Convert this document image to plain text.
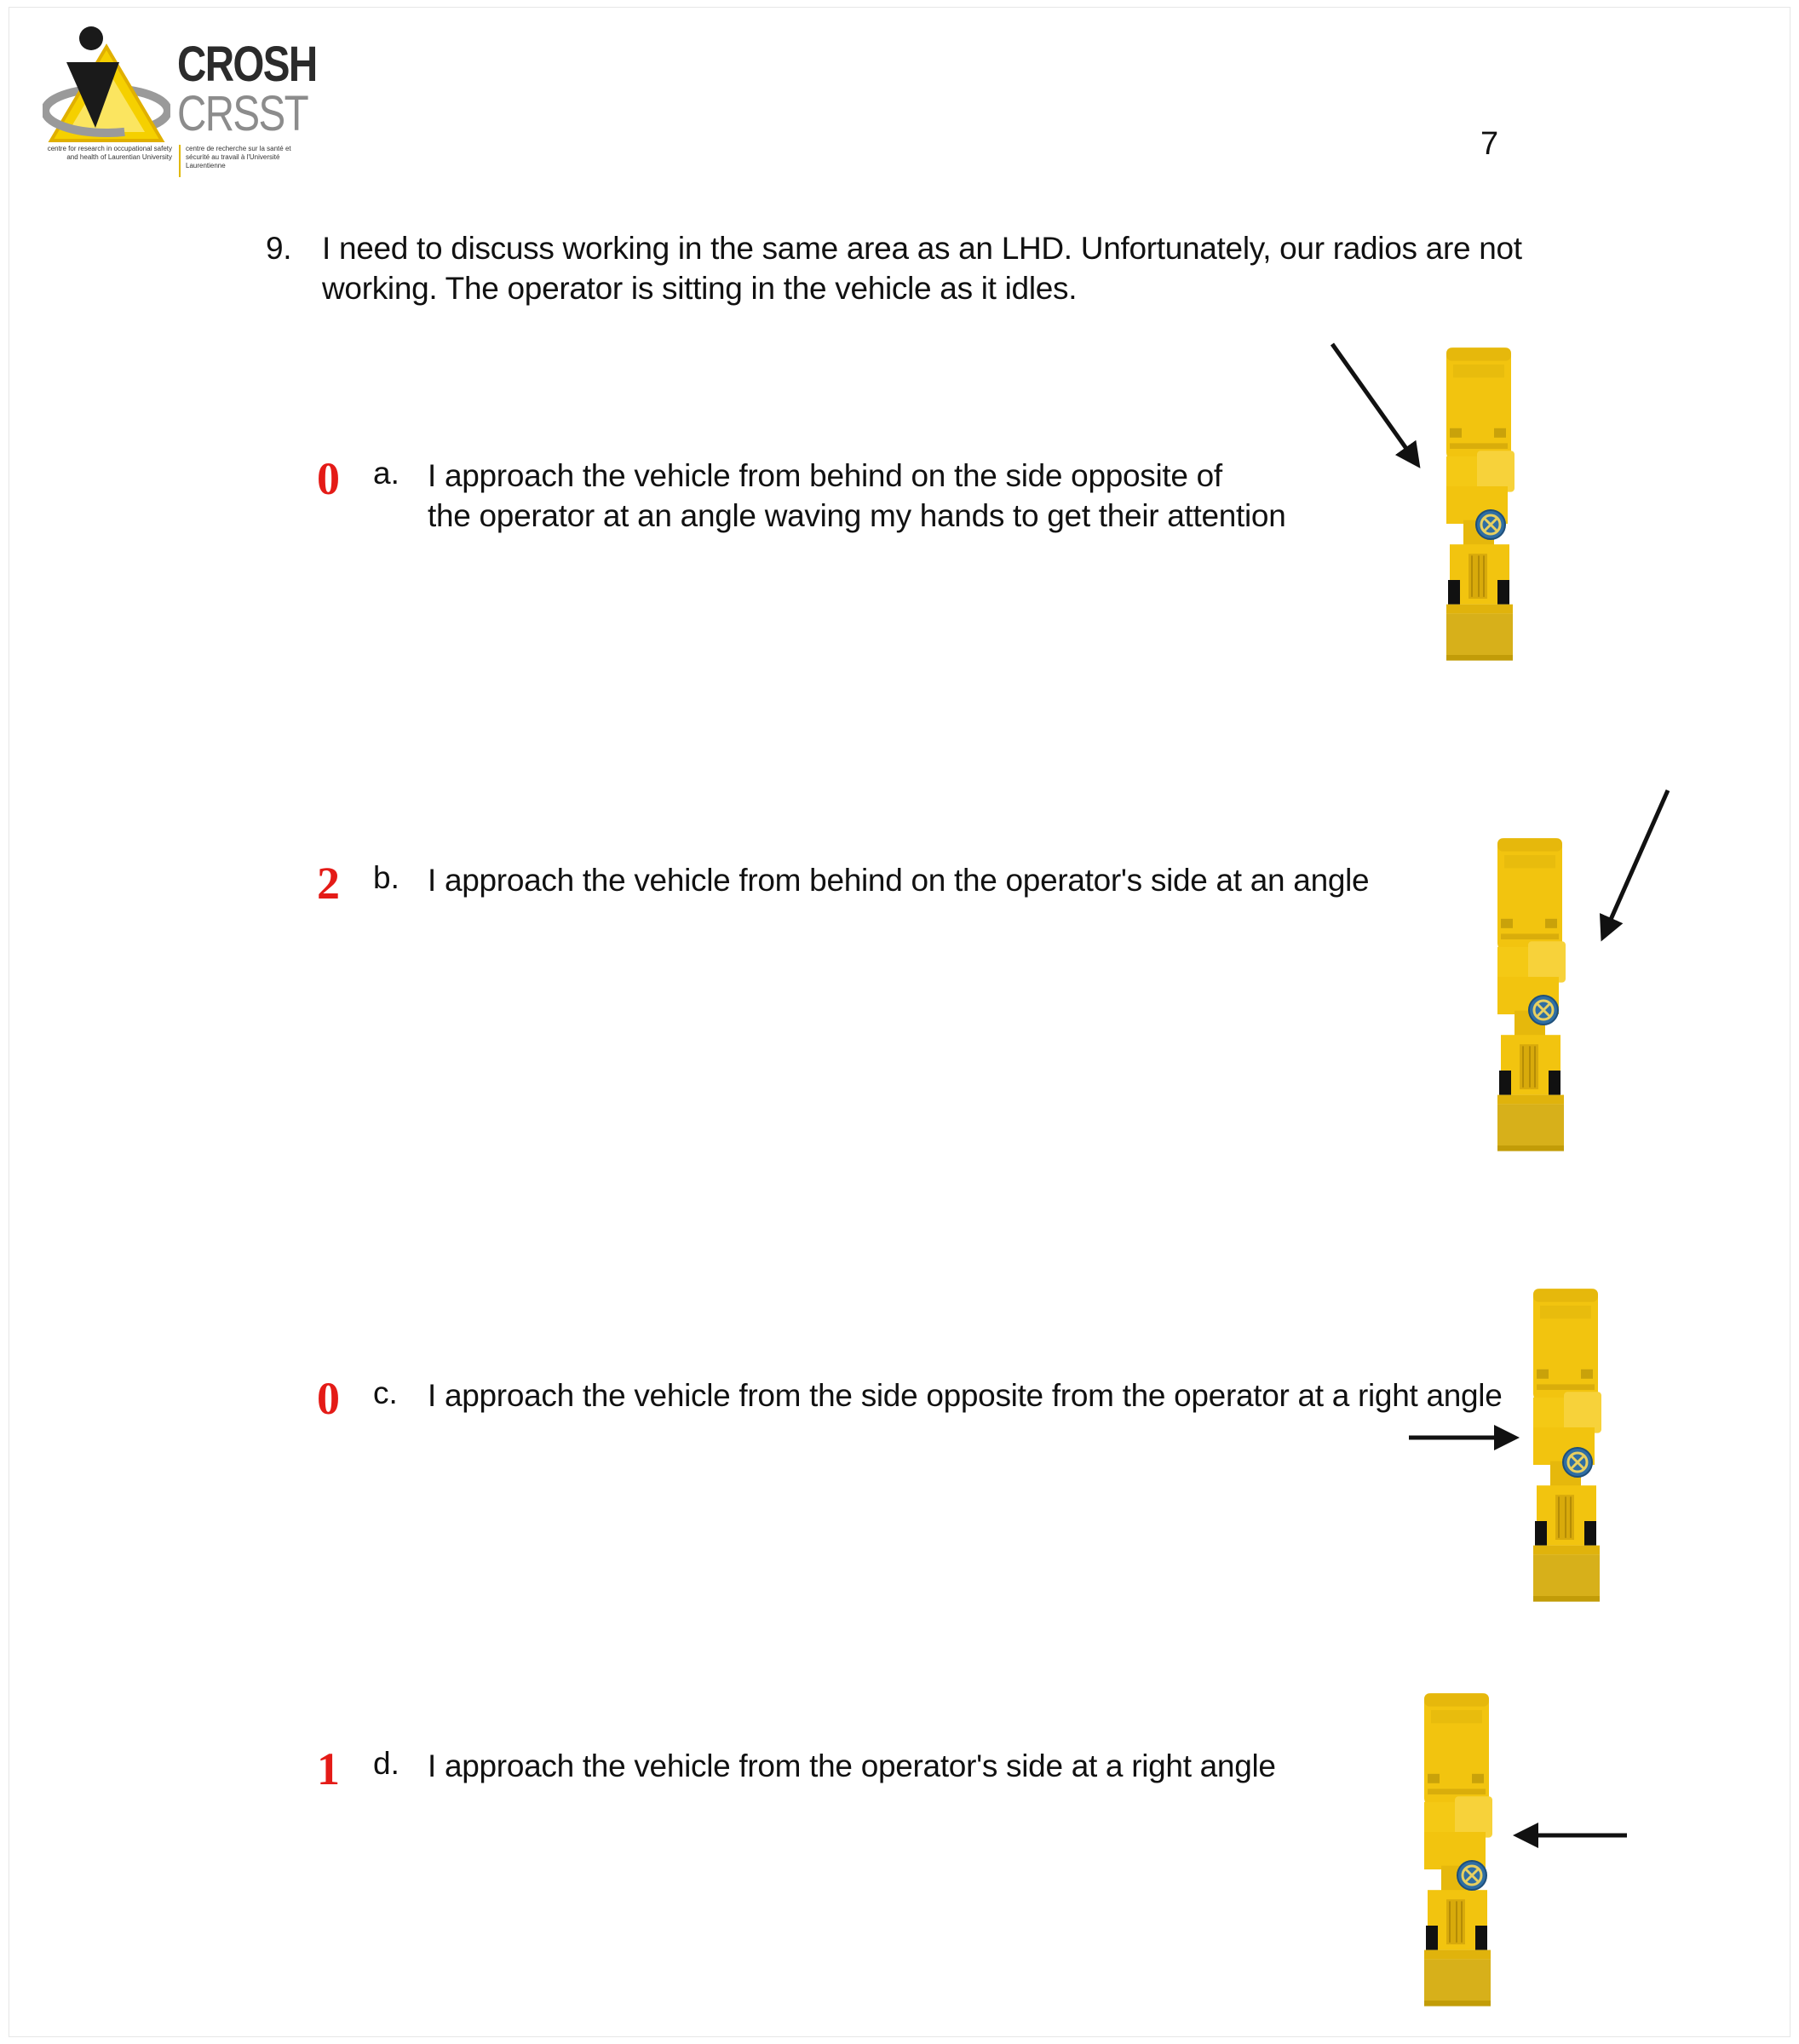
CROSH
CRSST
centre for research in occupational safety and health of Laurentian University
centre de recherche sur la santé et sécurité au travail à l'Université Laurentienne
7
9. I need to discuss working in the same area as an LHD. Unfortunately, our radios are not working. The operator is sitting in the vehicle as it idles.
0 a. I approach the vehicle from behind on the side opposite of
the operator at an angle waving my hands to get their attention
2 b. I approach the vehicle from behind on the operator's side at an angle
0 c. I approach the vehicle from the side opposite from the operator at a right angle
1 d. I approach the vehicle from the operator's side at a right angle
